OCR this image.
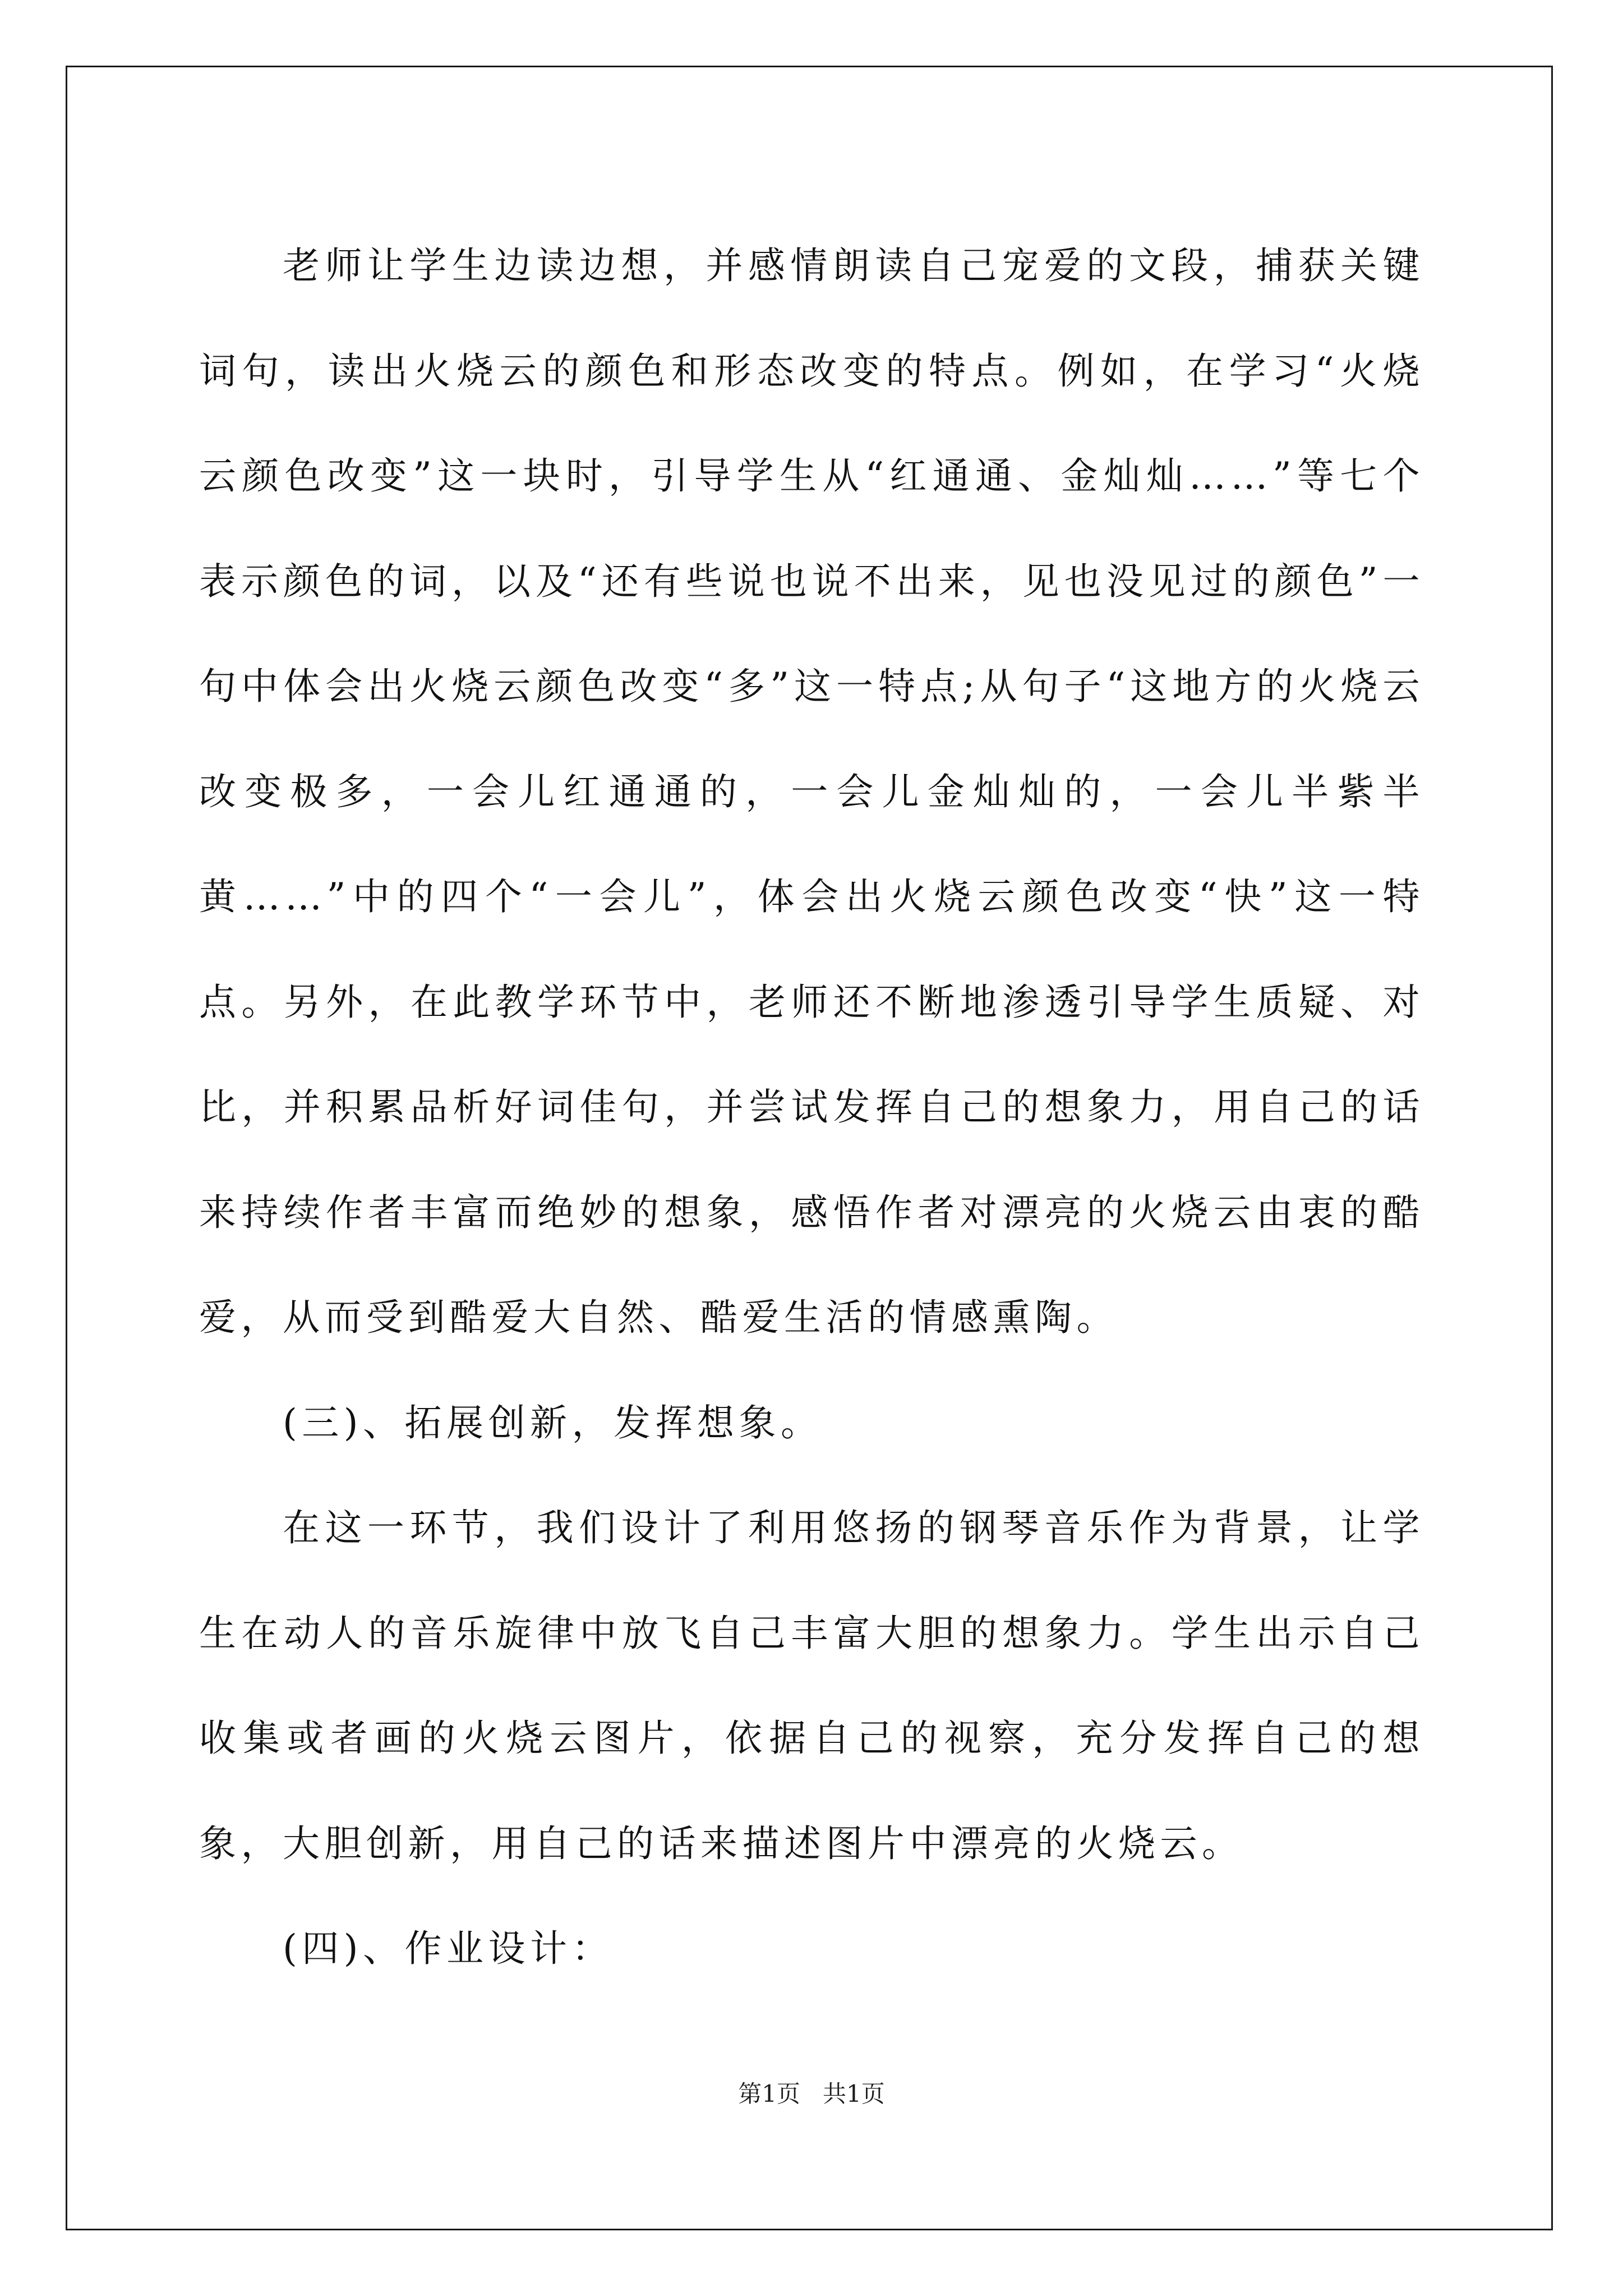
老师让学生边读边想，并感情朗读自己宠爱的文段，捕获关键词句，读出火烧云的颜色和形态改变的特点。例如，在学习“火烧云颜色改变”这一块时，引导学生从“红通通、金灿灿……”等七个表示颜色的词，以及“还有些说也说不出来，见也没见过的颜色”一句中体会出火烧云颜色改变“多”这一特点;从句子“这地方的火烧云改变极多，一会儿红通通的，一会儿金灿灿的，一会儿半紫半黄……”中的四个“一会儿”，体会出火烧云颜色改变“快”这一特点。另外，在此教学环节中，老师还不断地渗透引导学生质疑、对比，并积累品析好词佳句，并尝试发挥自己的想象力，用自己的话来持续作者丰富而绝妙的想象，感悟作者对漂亮的火烧云由衷的酷爱，从而受到酷爱大自然、酷爱生活的情感熏陶。

(三)、拓展创新，发挥想象。

在这一环节，我们设计了利用悠扬的钢琴音乐作为背景，让学生在动人的音乐旋律中放飞自己丰富大胆的想象力。学生出示自己收集或者画的火烧云图片，依据自己的视察，充分发挥自己的想象，大胆创新，用自己的话来描述图片中漂亮的火烧云。

(四)、作业设计：

第1页 共1页
